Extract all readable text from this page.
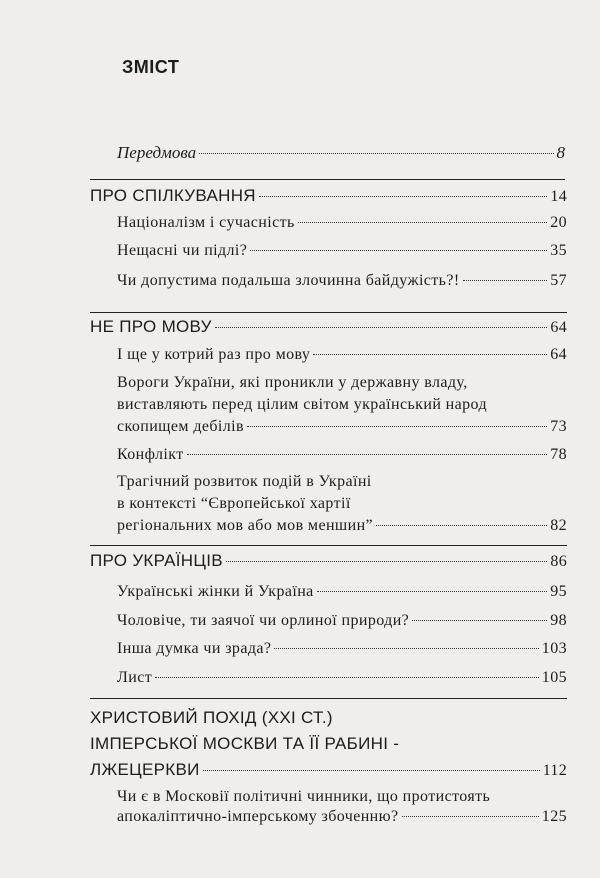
ЗМІСТ
Передмова	8
ПРО СПІЛКУВАННЯ	14
Націоналізм і сучасність	20
Нещасні чи підлі?	35
Чи допустима подальша злочинна байдужість?!	57
НЕ ПРО МОВУ	64
І ще у котрий раз про мову	64
Вороги України, які проникли у державну владу,
виставляють перед цілим світом український народ
скопищем дебілів	73
Конфлікт	78
Трагічний розвиток подій в Україні
в контексті “Європейської хартії
регіональних мов або мов меншин”	82
ПРО УКРАЇНЦІВ	86
Українські жінки й Україна	95
Чоловіче, ти заячої чи орлиної природи?	98
Інша думка чи зрада?	103
Лист	105
ХРИСТОВИЙ ПОХІД (ХХІ СТ.)
ІМПЕРСЬКОЇ МОСКВИ ТА ЇЇ РАБИНІ -
ЛЖЕЦЕРКВИ	112
Чи є в Московії політичні чинники, що протистоять
апокаліптично-імперському збоченню?	125
